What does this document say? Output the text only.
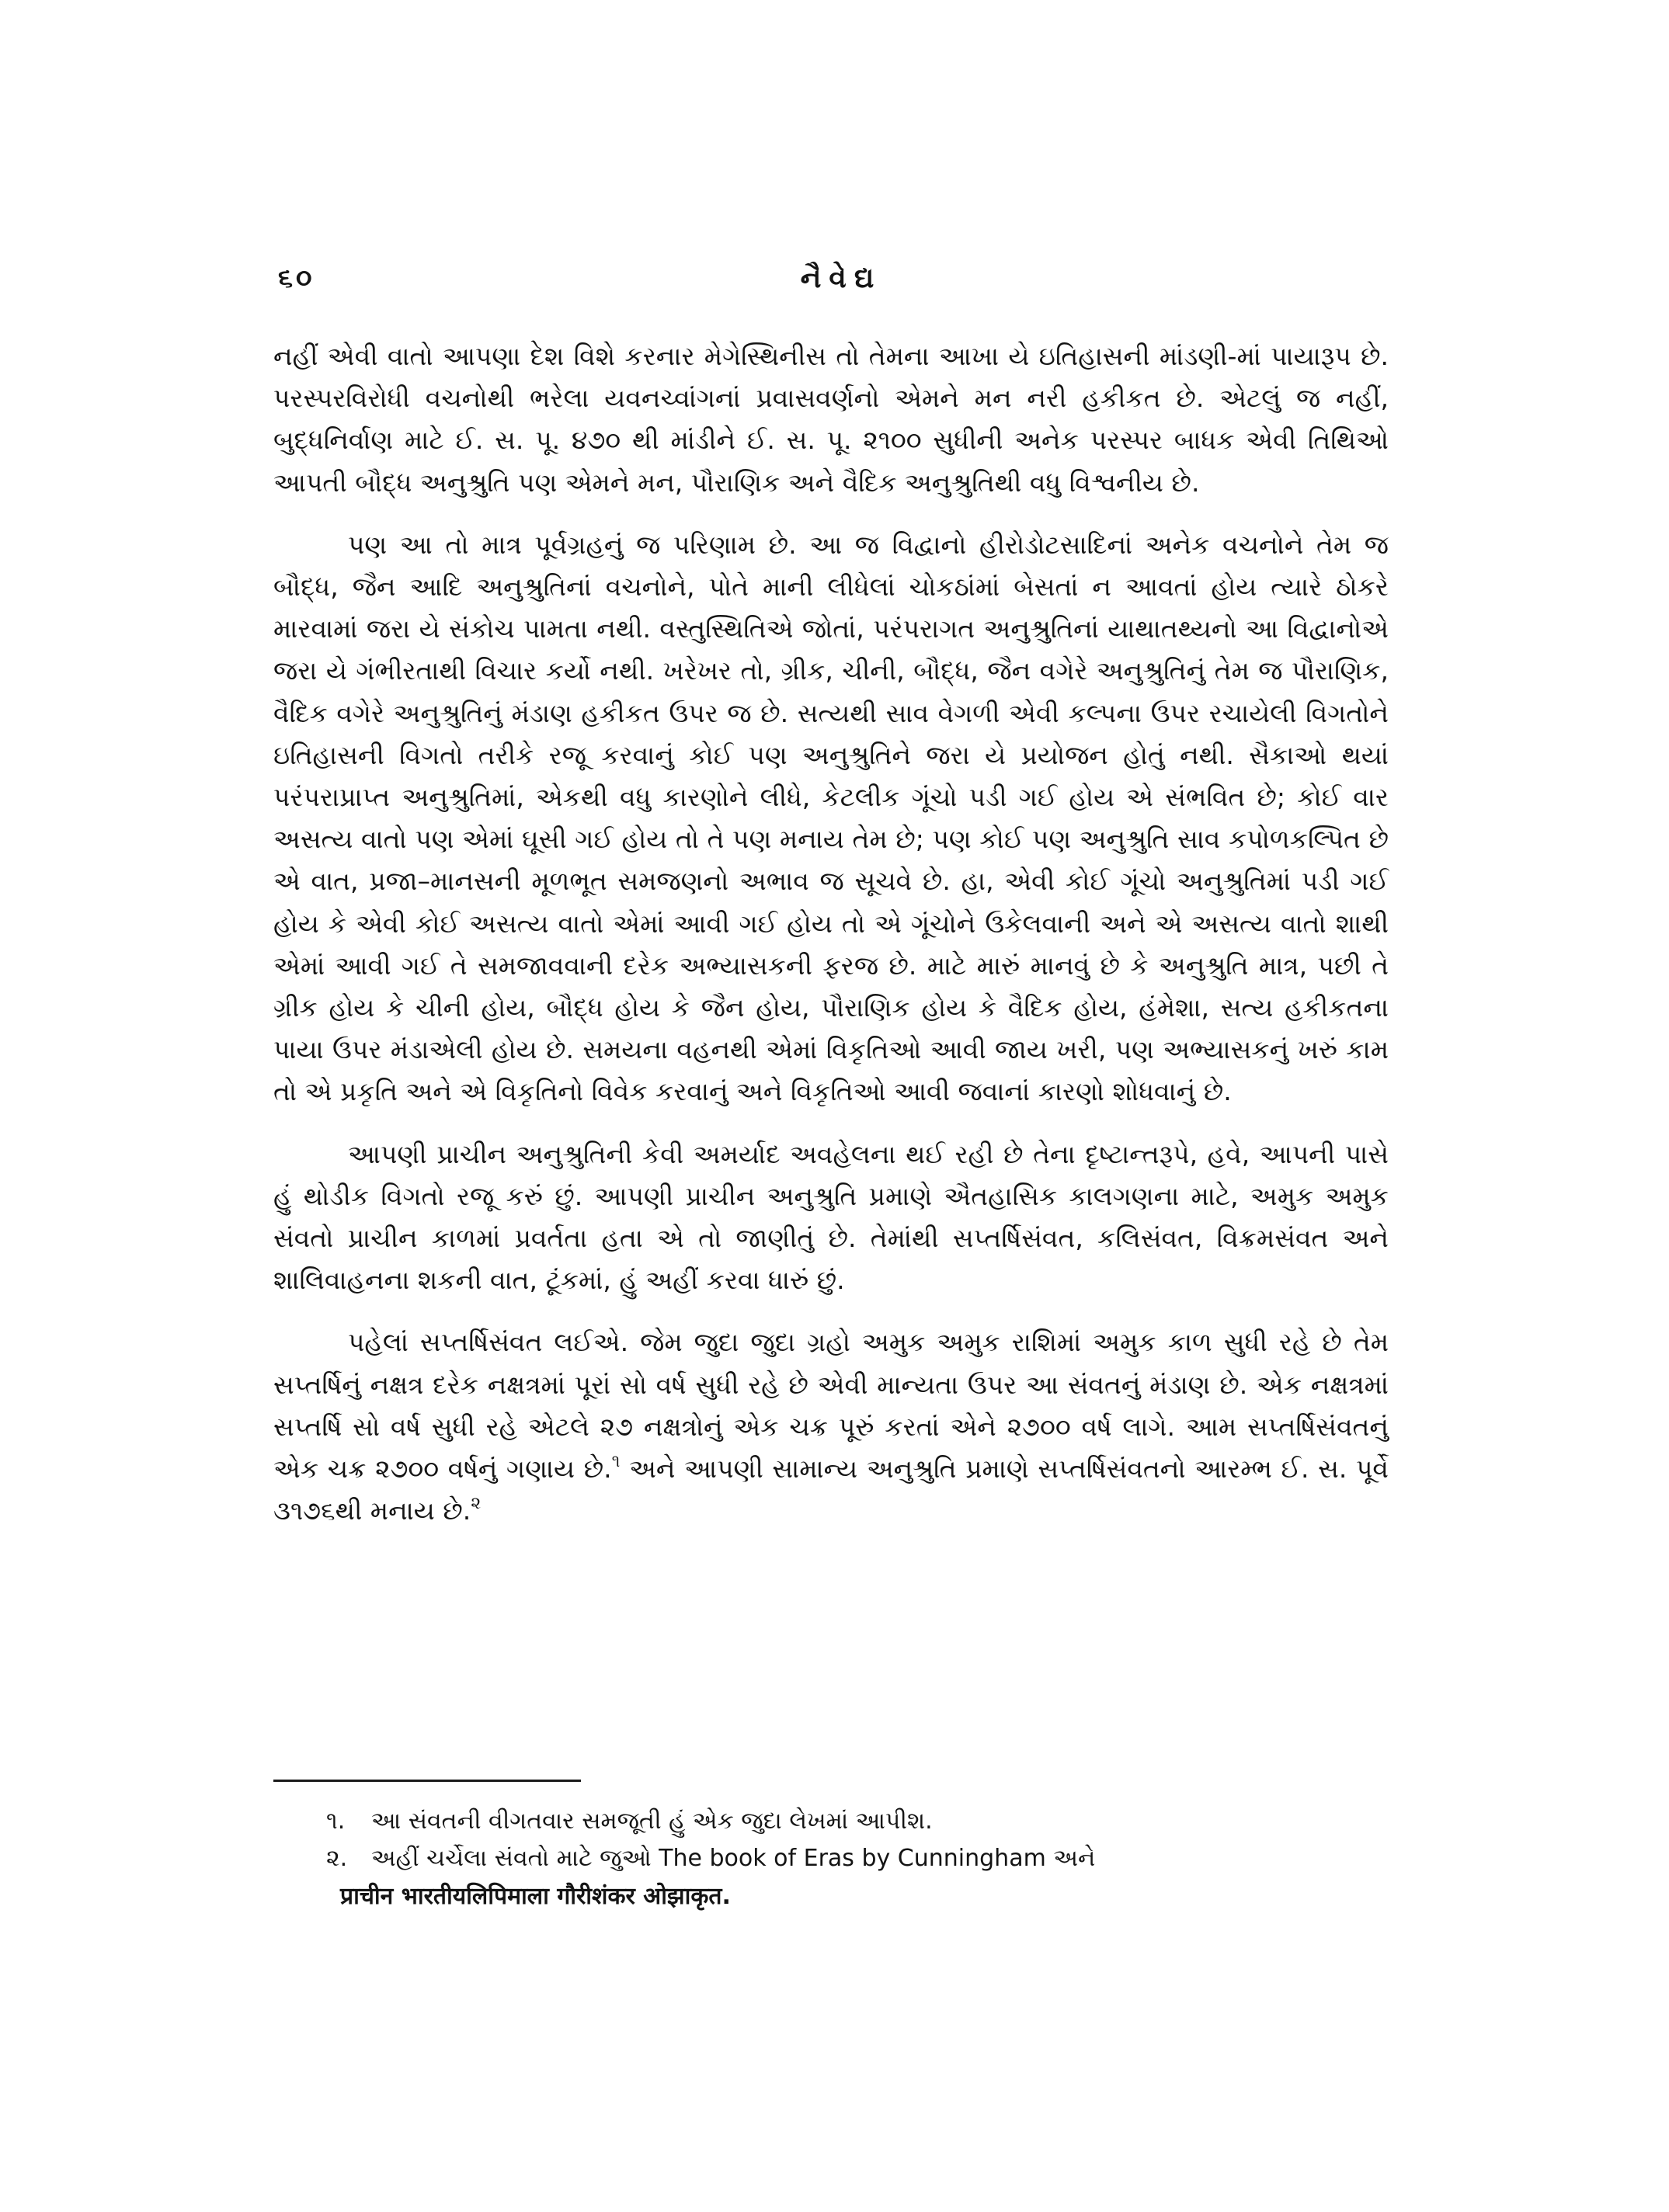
૬૦	નૈવેદ્ય

નહીં એવી વાતો આપણા દેશ વિશે કરનાર મેગેસ્થિનીસ તો તેમના આખા યે ઇતિહાસની માંડણી-માં પાયારૂપ છે. પરસ્પરવિરોધી વચનોથી ભરેલા યવનચ્વાંગનાં પ્રવાસવર્ણનો એમને મન નરી હકીકત છે. એટલું જ નહીં, બુદ્ધનિર્વાણ માટે ઈ. સ. પૂ. ૪૭૦ થી માંડીને ઈ. સ. પૂ. ૨૧૦૦ સુધીની અનેક પરસ્પર બાધક એવી તિથિઓ આપતી બૌદ્ધ અનુશ્રુતિ પણ એમને મન, પૌરાણિક અને વૈદિક અનુશ્રુતિથી વધુ વિશ્વનીય છે.

પણ આ તો માત્ર પૂર્વગ્રહનું જ પરિણામ છે. આ જ વિદ્વાનો હીરોડોટસાદિનાં અનેક વચનોને તેમ જ બૌદ્ધ, જૈન આદિ અનુશ્રુતિનાં વચનોને, પોતે માની લીધેલાં ચોકઠાંમાં બેસતાં ન આવતાં હોય ત્યારે ઠોકરે મારવામાં જરા યે સંકોચ પામતા નથી. વસ્તુસ્થિતિએ જોતાં, પરંપરાગત અનુશ્રુતિનાં યાથાતથ્યનો આ વિદ્વાનોએ જરા યે ગંભીરતાથી વિચાર કર્યો નથી. ખરેખર તો, ગ્રીક, ચીની, બૌદ્ધ, જૈન વગેરે અનુશ્રુતિનું તેમ જ પૌરાણિક, વૈદિક વગેરે અનુશ્રુતિનું મંડાણ હકીકત ઉપર જ છે. સત્યથી સાવ વેગળી એવી કલ્પના ઉપર રચાયેલી વિગતોને ઇતિહાસની વિગતો તરીકે રજૂ કરવાનું કોઈ પણ અનુશ્રુતિને જરા યે પ્રયોજન હોતું નથી. સૈકાઓ થયાં પરંપરાપ્રાપ્ત અનુશ્રુતિમાં, એકથી વધુ કારણોને લીધે, કેટલીક ગૂંચો પડી ગઈ હોય એ સંભવિત છે; કોઈ વાર અસત્ય વાતો પણ એમાં ઘૂસી ગઈ હોય તો તે પણ મનાય તેમ છે; પણ કોઈ પણ અનુશ્રુતિ સાવ કપોળકલ્પિત છે એ વાત, પ્રજા–માનસની મૂળભૂત સમજણનો અભાવ જ સૂચવે છે. હા, એવી કોઈ ગૂંચો અનુશ્રુતિમાં પડી ગઈ હોય કે એવી કોઈ અસત્ય વાતો એમાં આવી ગઈ હોય તો એ ગૂંચોને ઉકેલવાની અને એ અસત્ય વાતો શાથી એમાં આવી ગઈ તે સમજાવવાની દરેક અભ્યાસકની ફરજ છે. માટે મારું માનવું છે કે અનુશ્રુતિ માત્ર, પછી તે ગ્રીક હોય કે ચીની હોય, બૌદ્ધ હોય કે જૈન હોય, પૌરાણિક હોય કે વૈદિક હોય, હંમેશા, સત્ય હકીકતના પાયા ઉપર મંડાએલી હોય છે. સમયના વહનથી એમાં વિકૃતિઓ આવી જાય ખરી, પણ અભ્યાસકનું ખરું કામ તો એ પ્રકૃતિ અને એ વિકૃતિનો વિવેક કરવાનું અને વિકૃતિઓ આવી જવાનાં કારણો શોધવાનું છે.

આપણી પ્રાચીન અનુશ્રુતિની કેવી અમર્યાદ અવહેલના થઈ રહી છે તેના દૃષ્ટાન્તરૂપે, હવે, આપની પાસે હું થોડીક વિગતો રજૂ કરું છું. આપણી પ્રાચીન અનુશ્રુતિ પ્રમાણે ઐતહાસિક કાલગણના માટે, અમુક અમુક સંવતો પ્રાચીન કાળમાં પ્રવર્તતા હતા એ તો જાણીતું છે. તેમાંથી સપ્તર્ષિસંવત, કલિસંવત, વિક્રમસંવત અને શાલિવાહનના શકની વાત, ટૂંકમાં, હું અહીં કરવા ધારું છું.

પહેલાં સપ્તર્ષિસંવત લઈએ. જેમ જુદા જુદા ગ્રહો અમુક અમુક રાશિમાં અમુક કાળ સુધી રહે છે તેમ સપ્તર્ષિનું નક્ષત્ર દરેક નક્ષત્રમાં પૂરાં સો વર્ષ સુધી રહે છે એવી માન્યતા ઉપર આ સંવતનું મંડાણ છે. એક નક્ષત્રમાં સપ્તર્ષિ સો વર્ષ સુધી રહે એટલે ૨૭ નક્ષત્રોનું એક ચક્ર પૂરું કરતાં એને ૨૭૦૦ વર્ષ લાગે. આમ સપ્તર્ષિસંવતનું એક ચક્ર ૨૭૦૦ વર્ષનું ગણાય છે.$^૧$ અને આપણી સામાન્ય અનુશ્રુતિ પ્રમાણે સપ્તર્ષિસંવતનો આરમ્ભ ઈ. સ. પૂર્વે ૩૧૭૬થી મનાય છે.$^૨$

૧. આ સંવતની વીગતવાર સમજૂતી હું એક જુદા લેખમાં આપીશ.
૨. અહીં ચર્ચેલા સંવતો માટે જુઓ The book of Eras by Cunningham અને
प्राचीन भारतीयलिपिमाला गौरीशंकर ओझाकृत.
